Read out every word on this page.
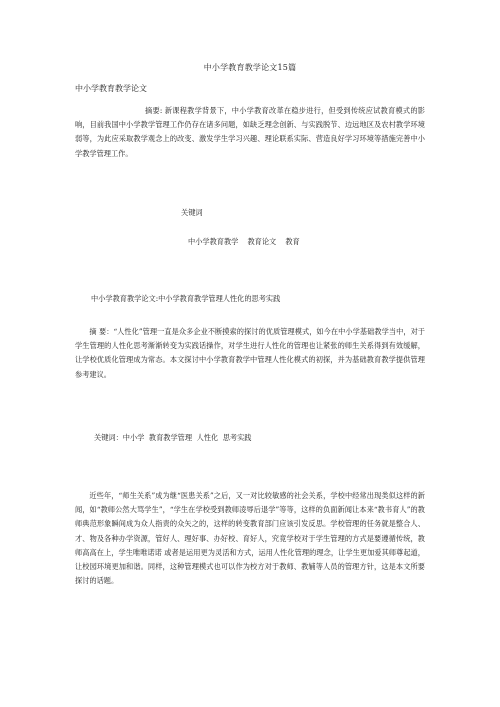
中小学教育教学论文15篇
中小学教育教学论文

摘要: 新课程教学背景下，中小学教育改革在稳步进行，但受到传统应试教育模式的影响，目前我国中小学教学管理工作仍存在诸多问题，如缺乏理念创新、与实践脱节、边远地区及农村教学环境弱等，为此应采取教学观念上的改变、激发学生学习兴趣、理论联系实际、营造良好学习环境等措施完善中小学教学管理工作。

关键词
中小学教育教学    教育论文    教育
中小学教育教学论文:中小学教育教学管理人性化的思考实践

摘 要：“人性化”管理一直是众多企业不断摸索的探讨的优质管理模式，如今在中小学基础教学当中，对于学生管理的人性化思考渐渐转变为实践话操作，对学生进行人性化的管理也让紧张的师生关系得到有效缓解，让学校优质化管理成为常态。本文探讨中小学教育教学中管理人性化模式的初探，并为基础教育教学提供管理参考建议。

关键词：中小学  教育教学管理  人性化  思考实践

近些年，“师生关系”成为继“医患关系”之后，又一对比较敏感的社会关系，学校中经常出现类似这样的新闻，如“教师公然大骂学生”，“学生在学校受到教师凌辱后退学”等等，这样的负面新闻让本来“教书育人”的教师典范形象瞬间成为众人指责的众矢之的，这样的转变教育部门应该引发反思。学校管理的任务就是整合人、才、物及各种办学资源，管好人、理好事、办好校、育好人，究竟学校对于学生管理的方式是要遵循传统，教师高高在上，学生唯唯诺诺 或者是运用更为灵活和方式，运用人性化管理的理念，让学生更加爱其师尊起道，让校园环境更加和谐。同样，这种管理模式也可以作为校方对于教师、教辅等人员的管理方针，这是本文所要探讨的话题。
